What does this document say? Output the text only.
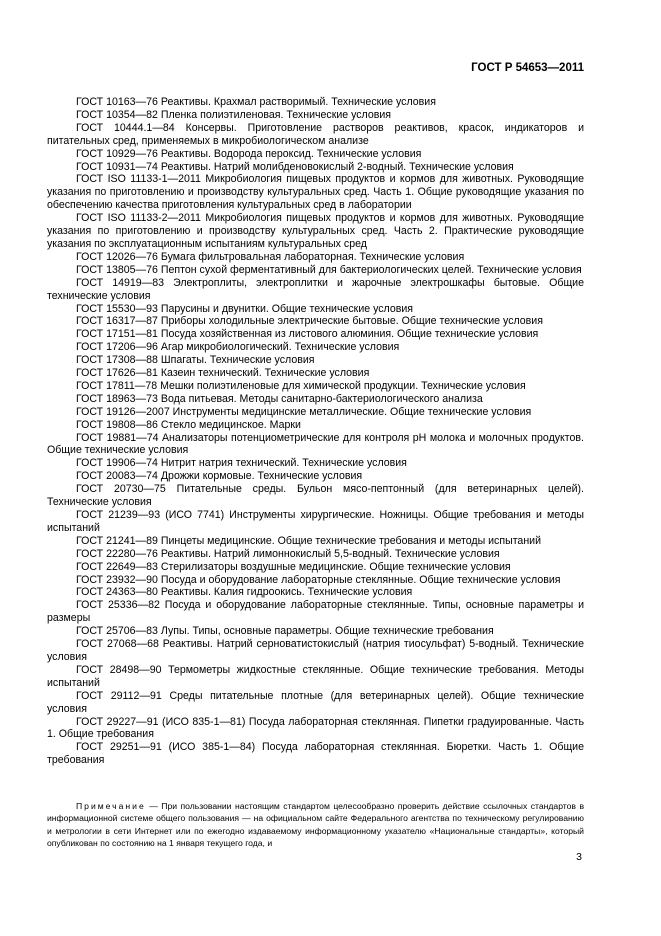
ГОСТ Р 54653—2011

ГОСТ 10163—76 Реактивы. Крахмал растворимый. Технические условия

ГОСТ 10354—82 Пленка полиэтиленовая. Технические условия

ГОСТ 10444.1—84 Консервы. Приготовление растворов реактивов, красок, индикаторов и питательных сред, применяемых в микробиологическом анализе

ГОСТ 10929—76 Реактивы. Водорода пероксид. Технические условия

ГОСТ 10931—74 Реактивы. Натрий молибденовокислый 2-водный. Технические условия

ГОСТ ISO 11133-1—2011 Микробиология пищевых продуктов и кормов для животных. Руководящие указания по приготовлению и производству культуральных сред. Часть 1. Общие руководящие указания по обеспечению качества приготовления культуральных сред в лаборатории

ГОСТ ISO 11133-2—2011 Микробиология пищевых продуктов и кормов для животных. Руководящие указания по приготовлению и производству культуральных сред. Часть 2. Практические руководящие указания по эксплуатационным испытаниям культуральных сред

ГОСТ 12026—76 Бумага фильтровальная лабораторная. Технические условия

ГОСТ 13805—76 Пептон сухой ферментативный для бактериологических целей. Технические условия

ГОСТ 14919—83 Электроплиты, электроплитки и жарочные электрошкафы бытовые. Общие технические условия

ГОСТ 15530—93 Парусины и двунитки. Общие технические условия

ГОСТ 16317—87 Приборы холодильные электрические бытовые. Общие технические условия

ГОСТ 17151—81 Посуда хозяйственная из листового алюминия. Общие технические условия

ГОСТ 17206—96 Агар микробиологический. Технические условия

ГОСТ 17308—88 Шпагаты. Технические условия

ГОСТ 17626—81 Казеин технический. Технические условия

ГОСТ 17811—78 Мешки полиэтиленовые для химической продукции. Технические условия

ГОСТ 18963—73 Вода питьевая. Методы санитарно-бактериологического анализа

ГОСТ 19126—2007 Инструменты медицинские металлические. Общие технические условия

ГОСТ 19808—86 Стекло медицинское. Марки

ГОСТ 19881—74 Анализаторы потенциометрические для контроля рН молока и молочных продуктов. Общие технические условия

ГОСТ 19906—74 Нитрит натрия технический. Технические условия

ГОСТ 20083—74 Дрожжи кормовые. Технические условия

ГОСТ 20730—75 Питательные среды. Бульон мясо-пептонный (для ветеринарных целей). Технические условия

ГОСТ 21239—93 (ИСО 7741) Инструменты хирургические. Ножницы. Общие требования и методы испытаний

ГОСТ 21241—89 Пинцеты медицинские. Общие технические требования и методы испытаний

ГОСТ 22280—76 Реактивы. Натрий лимоннокислый 5,5-водный. Технические условия

ГОСТ 22649—83 Стерилизаторы воздушные медицинские. Общие технические условия

ГОСТ 23932—90 Посуда и оборудование лабораторные стеклянные. Общие технические условия

ГОСТ 24363—80 Реактивы. Калия гидроокись. Технические условия

ГОСТ 25336—82 Посуда и оборудование лабораторные стеклянные. Типы, основные параметры и размеры

ГОСТ 25706—83 Лупы. Типы, основные параметры. Общие технические требования

ГОСТ 27068—68 Реактивы. Натрий серноватистокислый (натрия тиосульфат) 5-водный. Технические условия

ГОСТ 28498—90 Термометры жидкостные стеклянные. Общие технические требования. Методы испытаний

ГОСТ 29112—91 Среды питательные плотные (для ветеринарных целей). Общие технические условия

ГОСТ 29227—91 (ИСО 835-1—81) Посуда лабораторная стеклянная. Пипетки градуированные. Часть 1. Общие требования

ГОСТ 29251—91 (ИСО 385-1—84) Посуда лабораторная стеклянная. Бюретки. Часть 1. Общие требования

Примечание — При пользовании настоящим стандартом целесообразно проверить действие ссылочных стандартов в информационной системе общего пользования — на официальном сайте Федерального агентства по техническому регулированию и метрологии в сети Интернет или по ежегодно издаваемому информационному указателю «Национальные стандарты», который опубликован по состоянию на 1 января текущего года, и
3
